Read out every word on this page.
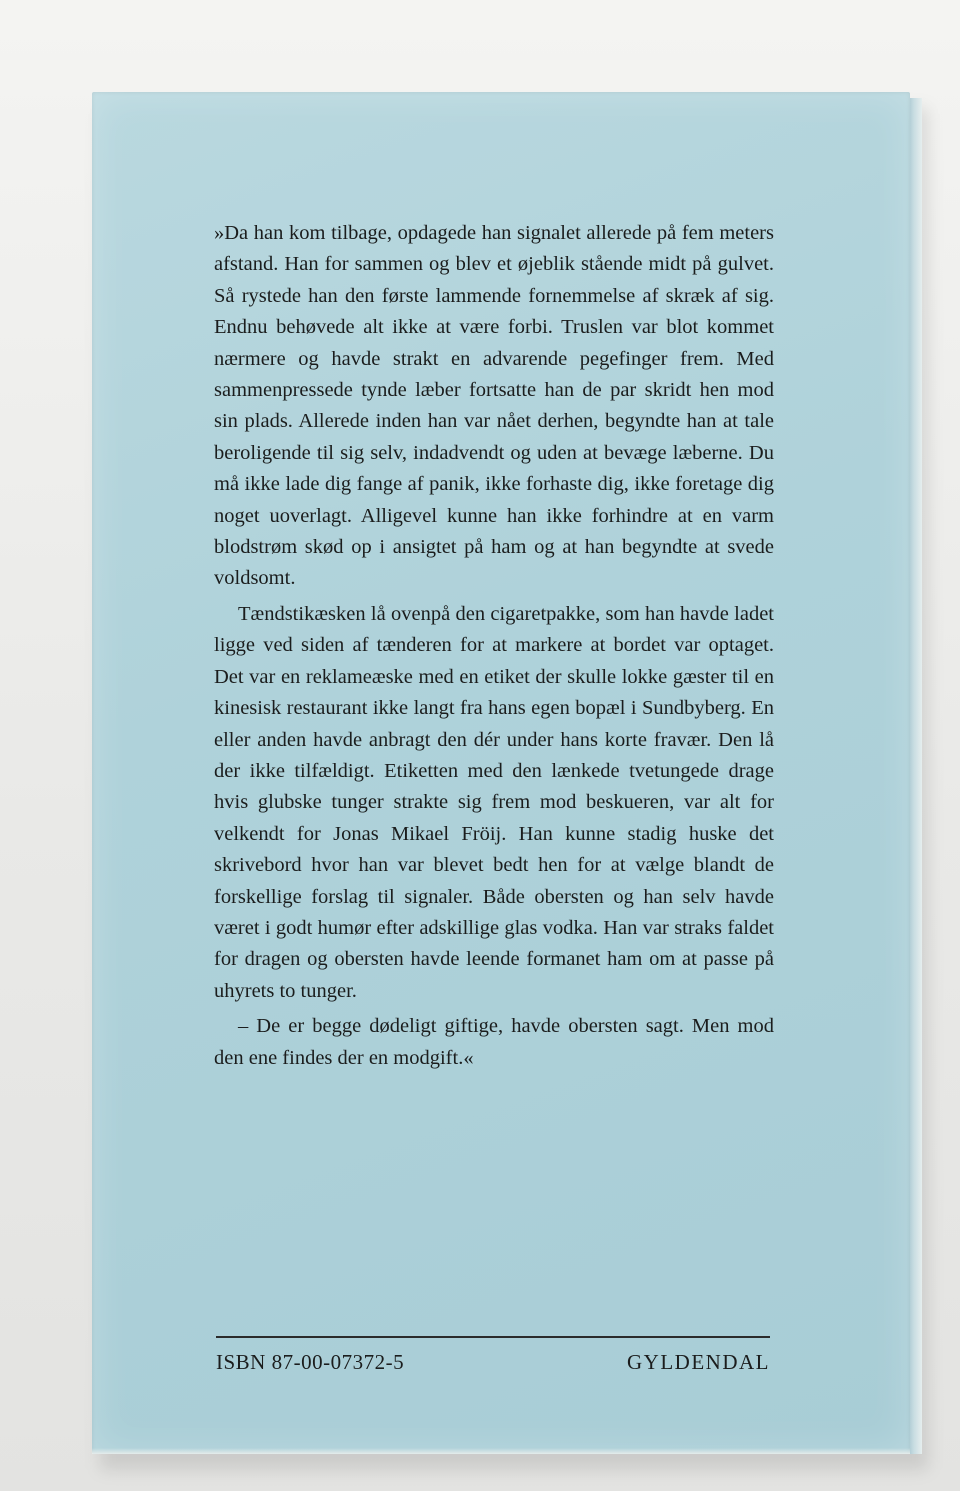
»Da han kom tilbage, opdagede han signalet allerede på fem meters afstand. Han for sammen og blev et øjeblik stående midt på gulvet. Så rystede han den første lammende fornemmelse af skræk af sig. Endnu behøvede alt ikke at være forbi. Truslen var blot kommet nærmere og havde strakt en advarende pegefinger frem. Med sammenpressede tynde læber fortsatte han de par skridt hen mod sin plads. Allerede inden han var nået derhen, begyndte han at tale beroligende til sig selv, indadvendt og uden at bevæge læberne. Du må ikke lade dig fange af panik, ikke forhaste dig, ikke foretage dig noget uoverlagt. Alligevel kunne han ikke forhindre at en varm blodstrøm skød op i ansigtet på ham og at han begyndte at svede voldsomt.

Tændstikæsken lå ovenpå den cigaretpakke, som han havde ladet ligge ved siden af tænderen for at markere at bordet var optaget. Det var en reklameæske med en etiket der skulle lokke gæster til en kinesisk restaurant ikke langt fra hans egen bopæl i Sundbyberg. En eller anden havde anbragt den dér under hans korte fravær. Den lå der ikke tilfældigt. Etiketten med den lænkede tvetungede drage hvis glubske tunger strakte sig frem mod beskueren, var alt for velkendt for Jonas Mikael Fröij. Han kunne stadig huske det skrivebord hvor han var blevet bedt hen for at vælge blandt de forskellige forslag til signaler. Både obersten og han selv havde været i godt humør efter adskillige glas vodka. Han var straks faldet for dragen og obersten havde leende formanet ham om at passe på uhyrets to tunger.

– De er begge dødeligt giftige, havde obersten sagt. Men mod den ene findes der en modgift.«

ISBN 87-00-07372-5	GYLDENDAL
